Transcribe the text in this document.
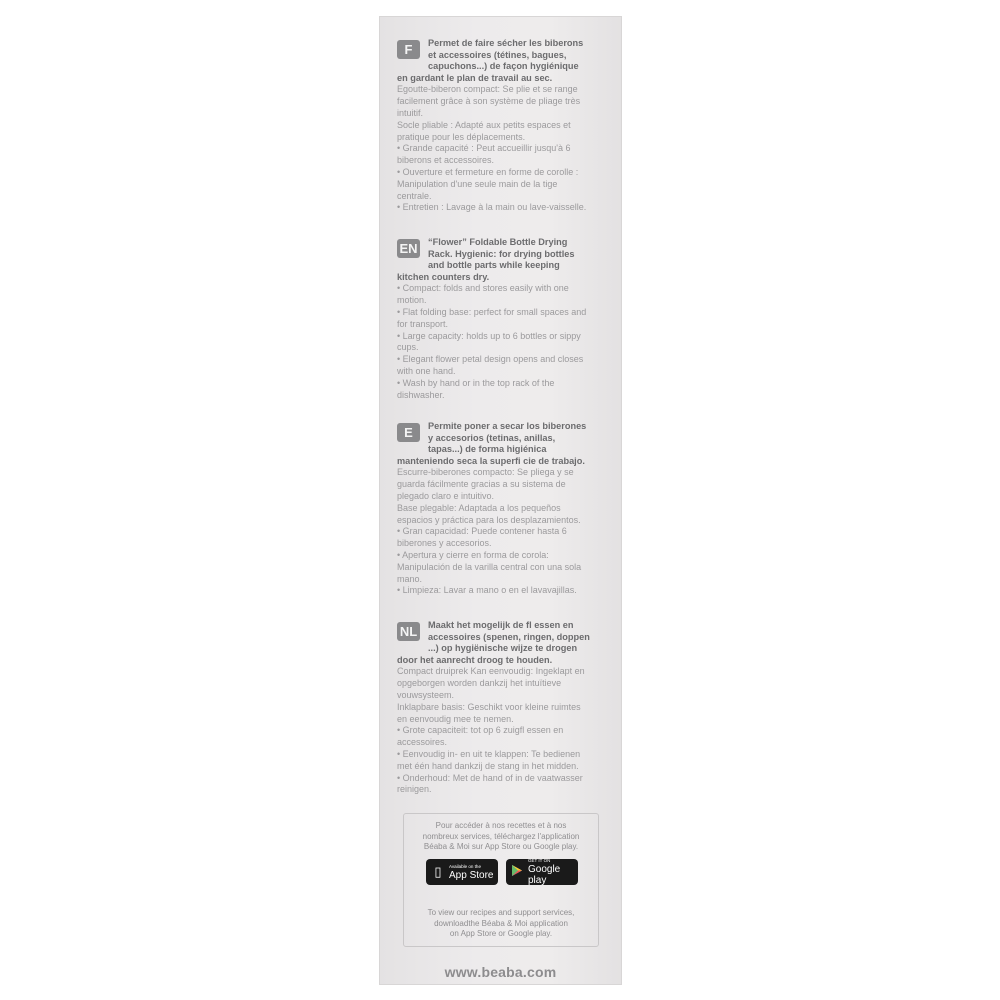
F	Permet de faire sécher les biberons
et accessoires (tétines, bagues,
capuchons...) de façon hygiénique
en gardant le plan de travail au sec.

Egoutte-biberon compact: Se plie et se range

facilement grâce à son système de pliage très

intuitif.

Socle pliable : Adapté aux petits espaces et

pratique pour les déplacements.

• Grande capacité : Peut accueillir jusqu'à 6

biberons et accessoires.

• Ouverture et fermeture en forme de corolle :

Manipulation d'une seule main de la tige

centrale.

• Entretien : Lavage à la main ou lave-vaisselle.

EN “Flower” Foldable Bottle Drying
Rack. Hygienic: for drying bottles
and bottle parts while keeping
kitchen counters dry.

• Compact: folds and stores easily with one

motion.

• Flat folding base: perfect for small spaces and

for transport.

• Large capacity: holds up to 6 bottles or sippy

cups.

• Elegant flower petal design opens and closes

with one hand.

• Wash by hand or in the top rack of the

dishwasher.

E	Permite poner a secar los biberones
y accesorios (tetinas, anillas,
tapas...) de forma higiénica
manteniendo seca la superfi cie de trabajo.

Escurre-biberones compacto: Se pliega y se

guarda fácilmente gracias a su sistema de

plegado claro e intuitivo.

Base plegable: Adaptada a los pequeños

espacios y práctica para los desplazamientos.

• Gran capacidad: Puede contener hasta 6

biberones y accesorios.

• Apertura y cierre en forma de corola:

Manipulación de la varilla central con una sola

mano.

• Limpieza: Lavar a mano o en el lavavajillas.

NL	Maakt het mogelijk de fl essen en
accessoires (spenen, ringen, doppen
...) op hygiënische wijze te drogen
door het aanrecht droog te houden.

Compact druiprek Kan eenvoudig: Ingeklapt en

opgeborgen worden dankzij het intuïtieve

vouwsysteem.

Inklapbare basis: Geschikt voor kleine ruimtes

en eenvoudig mee te nemen.

• Grote capaciteit: tot op 6 zuigfl essen en

accessoires.

• Eenvoudig in- en uit te klappen: Te bedienen

met één hand dankzij de stang in het midden.

• Onderhoud: Met de hand of in de vaatwasser

reinigen.

Pour accéder à nos recettes et à nos

nombreux services, téléchargez l'application

Béaba & Moi sur App Store ou Google play.

▯	Available on the
App Store
GET IT ON
Google play

To view our recipes and support services,

downloadthe Béaba & Moi application

on App Store or Google play.

www.beaba.com
